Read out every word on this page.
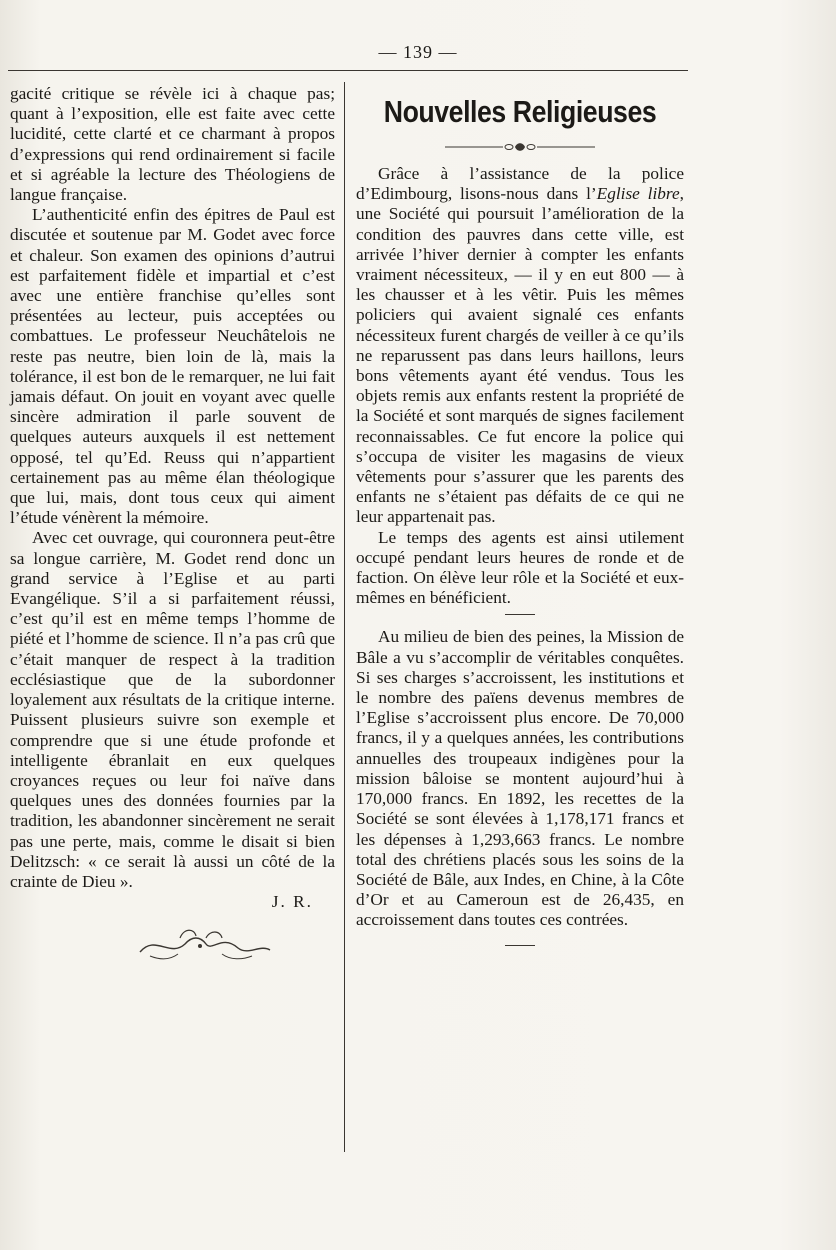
— 139 —

gacité critique se révèle ici à chaque pas; quant à l’exposition, elle est faite avec cette lucidité, cette clarté et ce charmant à propos d’expressions qui rend ordinairement si facile et si agréable la lecture des Théologiens de langue française.

L’authenticité enfin des épitres de Paul est discutée et soutenue par M. Godet avec force et chaleur. Son examen des opinions d’autrui est parfaitement fidèle et impartial et c’est avec une entière franchise qu’elles sont présentées au lecteur, puis acceptées ou combattues. Le professeur Neuchâtelois ne reste pas neutre, bien loin de là, mais la tolérance, il est bon de le remarquer, ne lui fait jamais défaut. On jouit en voyant avec quelle sincère admiration il parle souvent de quelques auteurs auxquels il est nettement opposé, tel qu’Ed. Reuss qui n’appartient certainement pas au même élan théologique que lui, mais, dont tous ceux qui aiment l’étude vénèrent la mémoire.

Avec cet ouvrage, qui couronnera peut-être sa longue carrière, M. Godet rend donc un grand service à l’Eglise et au parti Evangélique. S’il a si parfaitement réussi, c’est qu’il est en même temps l’homme de piété et l’homme de science. Il n’a pas crû que c’était manquer de respect à la tradition ecclésiastique que de la subordonner loyalement aux résultats de la critique interne. Puissent plusieurs suivre son exemple et comprendre que si une étude profonde et intelligente ébranlait en eux quelques croyances reçues ou leur foi naïve dans quelques unes des données fournies par la tradition, les abandonner sincèrement ne serait pas une perte, mais, comme le disait si bien Delitzsch: « ce serait là aussi un côté de la crainte de Dieu ».

J. R.

Nouvelles Religieuses

Grâce à l’assistance de la police d’Edimbourg, lisons-nous dans l’Eglise libre, une Société qui poursuit l’amélioration de la condition des pauvres dans cette ville, est arrivée l’hiver dernier à compter les enfants vraiment nécessiteux, — il y en eut 800 — à les chausser et à les vêtir. Puis les mêmes policiers qui avaient signalé ces enfants nécessiteux furent chargés de veiller à ce qu’ils ne reparussent pas dans leurs haillons, leurs bons vêtements ayant été vendus. Tous les objets remis aux enfants restent la propriété de la Société et sont marqués de signes facilement reconnaissables. Ce fut encore la police qui s’occupa de visiter les magasins de vieux vêtements pour s’assurer que les parents des enfants ne s’étaient pas défaits de ce qui ne leur appartenait pas.

Le temps des agents est ainsi utilement occupé pendant leurs heures de ronde et de faction. On élève leur rôle et la Société et eux-mêmes en bénéficient.

Au milieu de bien des peines, la Mission de Bâle a vu s’accomplir de véritables conquêtes. Si ses charges s’accroissent, les institutions et le nombre des païens devenus membres de l’Eglise s’accroissent plus encore. De 70,000 francs, il y a quelques années, les contributions annuelles des troupeaux indigènes pour la mission bâloise se montent aujourd’hui à 170,000 francs. En 1892, les recettes de la Société se sont élevées à 1,178,171 francs et les dépenses à 1,293,663 francs. Le nombre total des chrétiens placés sous les soins de la Société de Bâle, aux Indes, en Chine, à la Côte d’Or et au Cameroun est de 26,435, en accroissement dans toutes ces contrées.
